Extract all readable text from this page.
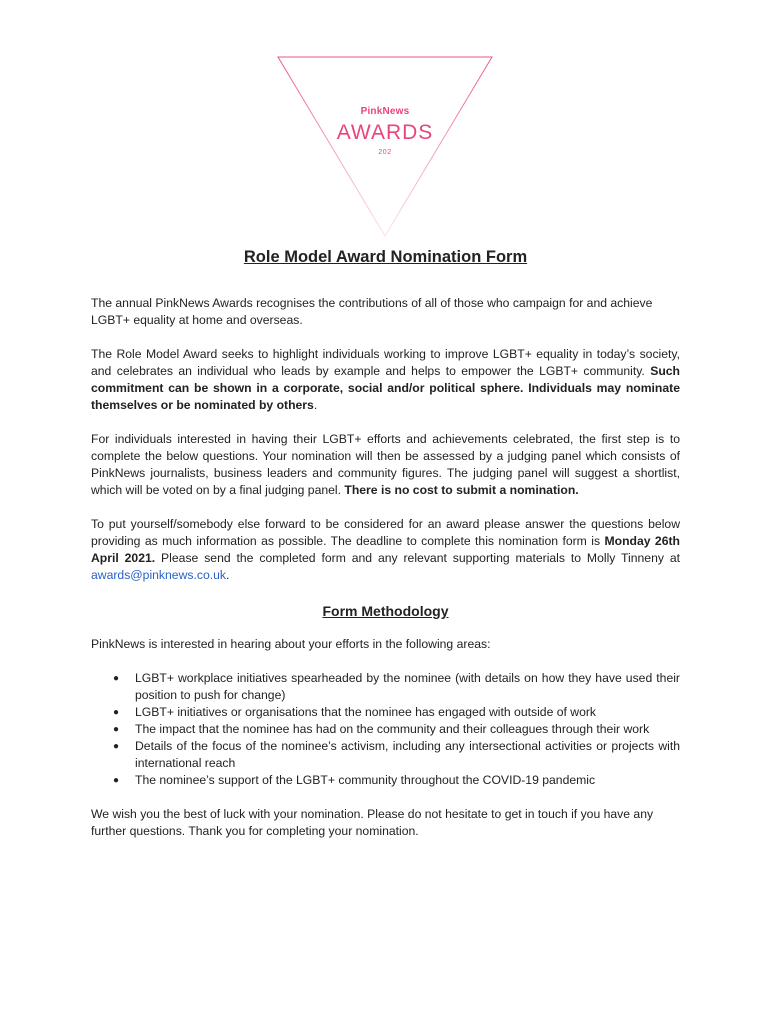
PinkNews
AWARDS
202
Role Model Award Nomination Form

The annual PinkNews Awards recognises the contributions of all of those who campaign for and achieve LGBT+ equality at home and overseas.

The Role Model Award seeks to highlight individuals working to improve LGBT+ equality in today’s society, and celebrates an individual who leads by example and helps to empower the LGBT+ community. Such commitment can be shown in a corporate, social and/or political sphere. Individuals may nominate themselves or be nominated by others.

For individuals interested in having their LGBT+ efforts and achievements celebrated, the first step is to complete the below questions. Your nomination will then be assessed by a judging panel which consists of PinkNews journalists, business leaders and community figures. The judging panel will suggest a shortlist, which will be voted on by a final judging panel. There is no cost to submit a nomination.

To put yourself/somebody else forward to be considered for an award please answer the questions below providing as much information as possible. The deadline to complete this nomination form is Monday 26th April 2021. Please send the completed form and any relevant supporting materials to Molly Tinneny at awards@pinknews.co.uk.

Form Methodology

PinkNews is interested in hearing about your efforts in the following areas:

● LGBT+ workplace initiatives spearheaded by the nominee (with details on how they have used their position to push for change)
● LGBT+ initiatives or organisations that the nominee has engaged with outside of work
● The impact that the nominee has had on the community and their colleagues through their work
● Details of the focus of the nominee’s activism, including any intersectional activities or projects with international reach
● The nominee’s support of the LGBT+ community throughout the COVID-19 pandemic

We wish you the best of luck with your nomination. Please do not hesitate to get in touch if you have any further questions. Thank you for completing your nomination.
